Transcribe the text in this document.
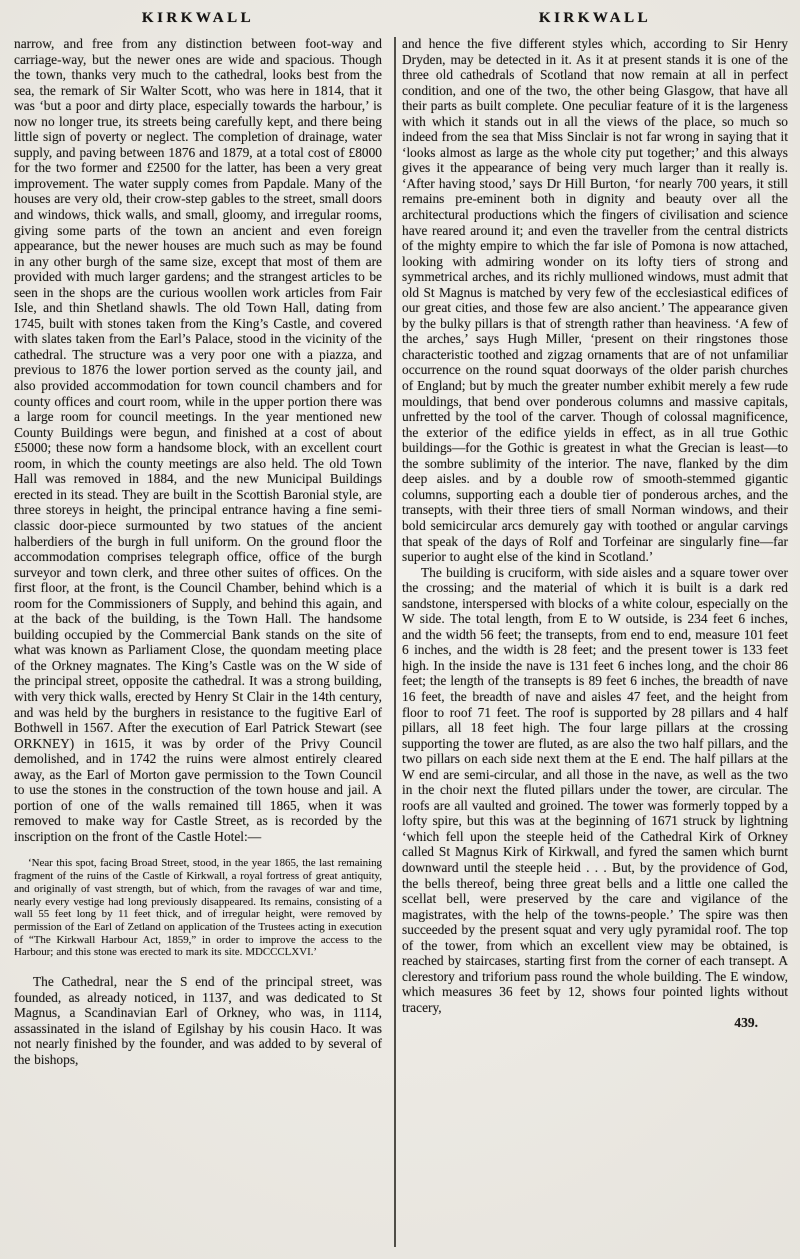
KIRKWALL

narrow, and free from any distinction between foot-way and carriage-way, but the newer ones are wide and spacious. Though the town, thanks very much to the cathedral, looks best from the sea, the remark of Sir Walter Scott, who was here in 1814, that it was ‘but a poor and dirty place, especially towards the harbour,’ is now no longer true, its streets being carefully kept, and there being little sign of poverty or neglect. The completion of drainage, water supply, and paving between 1876 and 1879, at a total cost of £8000 for the two former and £2500 for the latter, has been a very great improvement. The water supply comes from Papdale. Many of the houses are very old, their crow-step gables to the street, small doors and windows, thick walls, and small, gloomy, and irregular rooms, giving some parts of the town an ancient and even foreign appearance, but the newer houses are much such as may be found in any other burgh of the same size, except that most of them are provided with much larger gardens; and the strangest articles to be seen in the shops are the curious woollen work articles from Fair Isle, and thin Shetland shawls. The old Town Hall, dating from 1745, built with stones taken from the King’s Castle, and covered with slates taken from the Earl’s Palace, stood in the vicinity of the cathedral. The structure was a very poor one with a piazza, and previous to 1876 the lower portion served as the county jail, and also provided accommodation for town council chambers and for county offices and court room, while in the upper portion there was a large room for council meetings. In the year mentioned new County Buildings were begun, and finished at a cost of about £5000; these now form a handsome block, with an excellent court room, in which the county meetings are also held. The old Town Hall was removed in 1884, and the new Municipal Buildings erected in its stead. They are built in the Scottish Baronial style, are three storeys in height, the principal entrance having a fine semi-classic door-piece surmounted by two statues of the ancient halberdiers of the burgh in full uniform. On the ground floor the accommodation comprises telegraph office, office of the burgh surveyor and town clerk, and three other suites of offices. On the first floor, at the front, is the Council Chamber, behind which is a room for the Commissioners of Supply, and behind this again, and at the back of the building, is the Town Hall. The handsome building occupied by the Commercial Bank stands on the site of what was known as Parliament Close, the quondam meeting place of the Orkney magnates. The King’s Castle was on the W side of the principal street, opposite the cathedral. It was a strong building, with very thick walls, erected by Henry St Clair in the 14th century, and was held by the burghers in resistance to the fugitive Earl of Bothwell in 1567. After the execution of Earl Patrick Stewart (see ORKNEY) in 1615, it was by order of the Privy Council demolished, and in 1742 the ruins were almost entirely cleared away, as the Earl of Morton gave permission to the Town Council to use the stones in the construction of the town house and jail. A portion of one of the walls remained till 1865, when it was removed to make way for Castle Street, as is recorded by the inscription on the front of the Castle Hotel:—

‘Near this spot, facing Broad Street, stood, in the year 1865, the last remaining fragment of the ruins of the Castle of Kirkwall, a royal fortress of great antiquity, and originally of vast strength, but of which, from the ravages of war and time, nearly every vestige had long previously disappeared. Its remains, consisting of a wall 55 feet long by 11 feet thick, and of irregular height, were removed by permission of the Earl of Zetland on application of the Trustees acting in execution of “The Kirkwall Harbour Act, 1859,” in order to improve the access to the Harbour; and this stone was erected to mark its site. MDCCCLXVI.’

The Cathedral, near the S end of the principal street, was founded, as already noticed, in 1137, and was dedicated to St Magnus, a Scandinavian Earl of Orkney, who was, in 1114, assassinated in the island of Egilshay by his cousin Haco. It was not nearly finished by the founder, and was added to by several of the bishops,

KIRKWALL

and hence the five different styles which, according to Sir Henry Dryden, may be detected in it. As it at present stands it is one of the three old cathedrals of Scotland that now remain at all in perfect condition, and one of the two, the other being Glasgow, that have all their parts as built complete. One peculiar feature of it is the largeness with which it stands out in all the views of the place, so much so indeed from the sea that Miss Sinclair is not far wrong in saying that it ‘looks almost as large as the whole city put together;’ and this always gives it the appearance of being very much larger than it really is. ‘After having stood,’ says Dr Hill Burton, ‘for nearly 700 years, it still remains pre-eminent both in dignity and beauty over all the architectural productions which the fingers of civilisation and science have reared around it; and even the traveller from the central districts of the mighty empire to which the far isle of Pomona is now attached, looking with admiring wonder on its lofty tiers of strong and symmetrical arches, and its richly mullioned windows, must admit that old St Magnus is matched by very few of the ecclesiastical edifices of our great cities, and those few are also ancient.’ The appearance given by the bulky pillars is that of strength rather than heaviness. ‘A few of the arches,’ says Hugh Miller, ‘present on their ringstones those characteristic toothed and zigzag ornaments that are of not unfamiliar occurrence on the round squat doorways of the older parish churches of England; but by much the greater number exhibit merely a few rude mouldings, that bend over ponderous columns and massive capitals, unfretted by the tool of the carver. Though of colossal magnificence, the exterior of the edifice yields in effect, as in all true Gothic buildings—for the Gothic is greatest in what the Grecian is least—to the sombre sublimity of the interior. The nave, flanked by the dim deep aisles. and by a double row of smooth-stemmed gigantic columns, supporting each a double tier of ponderous arches, and the transepts, with their three tiers of small Norman windows, and their bold semicircular arcs demurely gay with toothed or angular carvings that speak of the days of Rolf and Torfeinar are singularly fine—far superior to aught else of the kind in Scotland.’

The building is cruciform, with side aisles and a square tower over the crossing; and the material of which it is built is a dark red sandstone, interspersed with blocks of a white colour, especially on the W side. The total length, from E to W outside, is 234 feet 6 inches, and the width 56 feet; the transepts, from end to end, measure 101 feet 6 inches, and the width is 28 feet; and the present tower is 133 feet high. In the inside the nave is 131 feet 6 inches long, and the choir 86 feet; the length of the transepts is 89 feet 6 inches, the breadth of nave 16 feet, the breadth of nave and aisles 47 feet, and the height from floor to roof 71 feet. The roof is supported by 28 pillars and 4 half pillars, all 18 feet high. The four large pillars at the crossing supporting the tower are fluted, as are also the two half pillars, and the two pillars on each side next them at the E end. The half pillars at the W end are semi-circular, and all those in the nave, as well as the two in the choir next the fluted pillars under the tower, are circular. The roofs are all vaulted and groined. The tower was formerly topped by a lofty spire, but this was at the beginning of 1671 struck by lightning ‘which fell upon the steeple heid of the Cathedral Kirk of Orkney called St Magnus Kirk of Kirkwall, and fyred the samen which burnt downward until the steeple heid . . . But, by the providence of God, the bells thereof, being three great bells and a little one called the scellat bell, were preserved by the care and vigilance of the magistrates, with the help of the towns-people.’ The spire was then succeeded by the present squat and very ugly pyramidal roof. The top of the tower, from which an excellent view may be obtained, is reached by staircases, starting first from the corner of each transept. A clerestory and triforium pass round the whole building. The E window, which measures 36 feet by 12, shows four pointed lights without tracery,

439.
